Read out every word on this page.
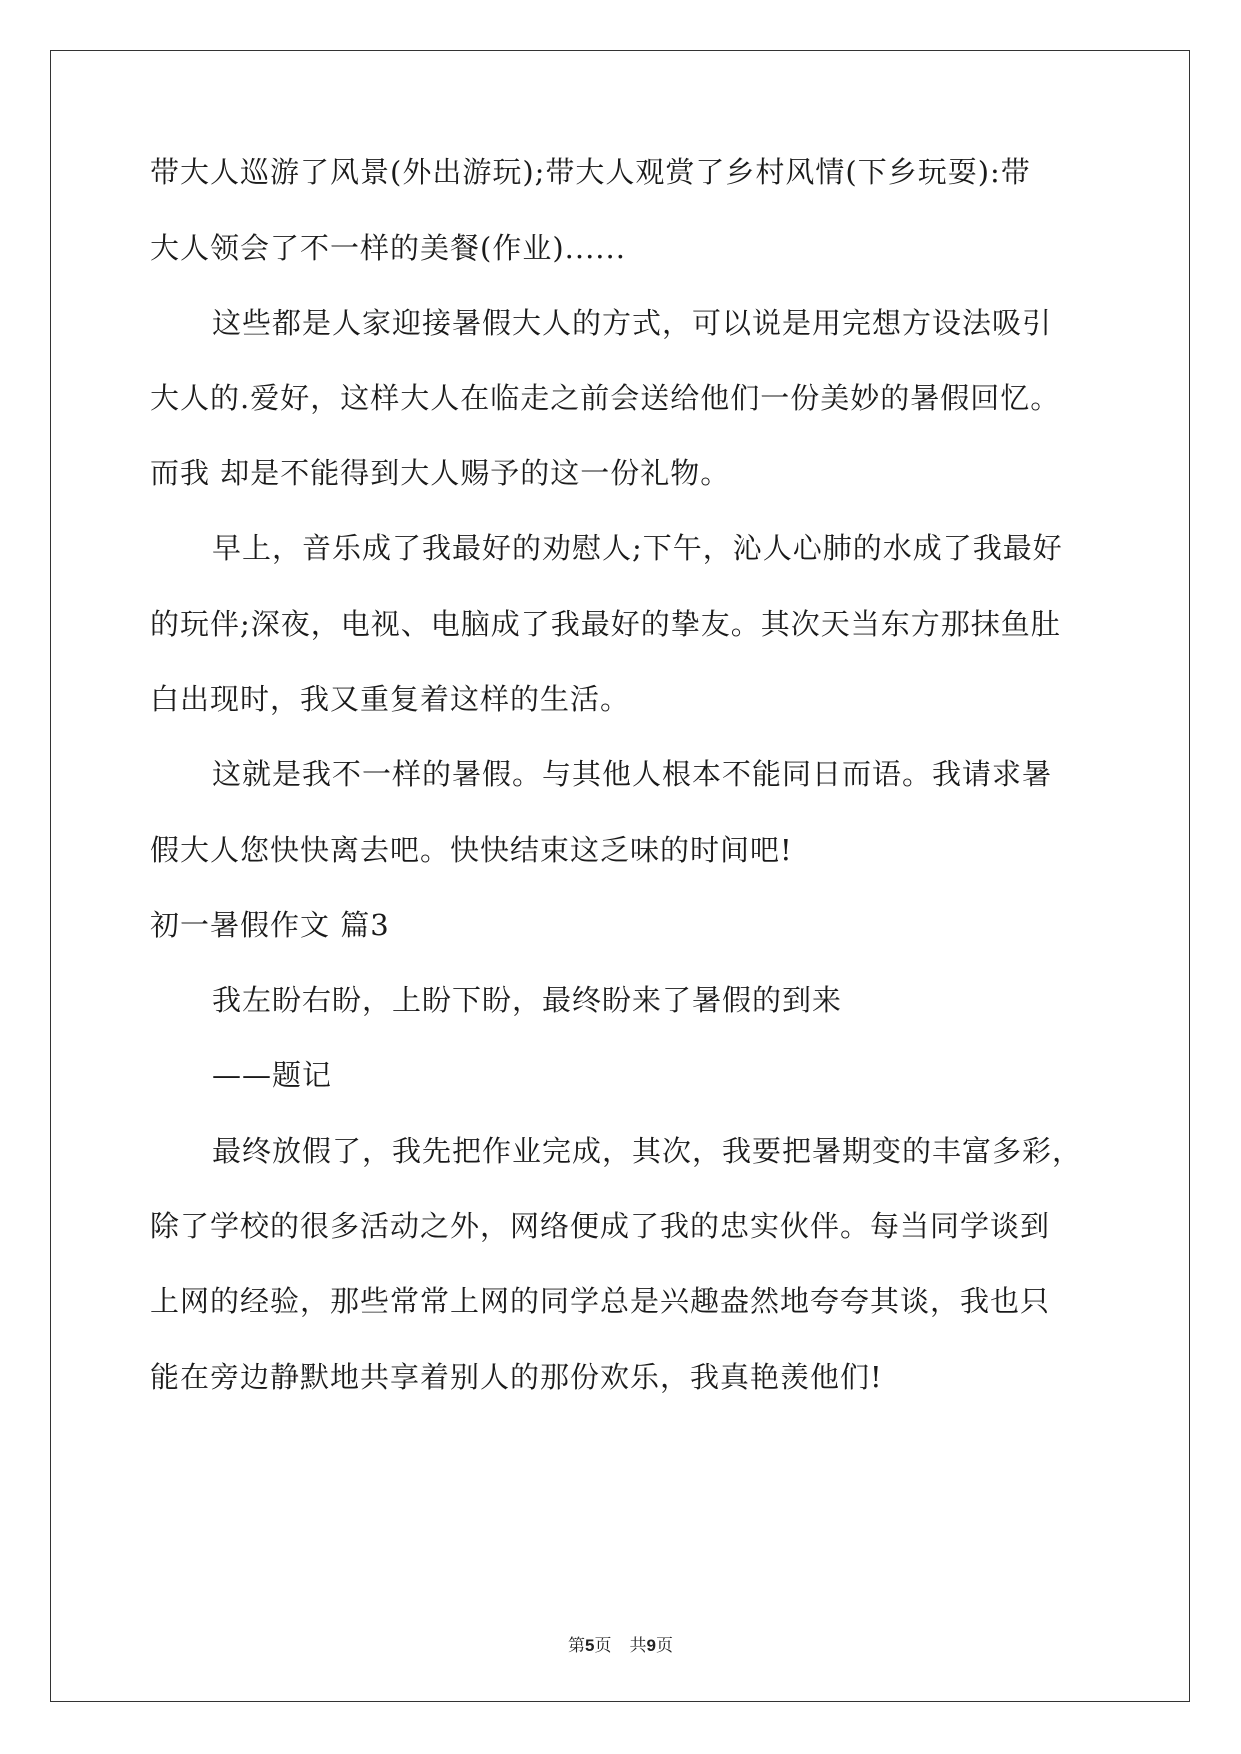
带大人巡游了风景(外出游玩);带大人观赏了乡村风情(下乡玩耍):带
大人领会了不一样的美餐(作业)......
这些都是人家迎接暑假大人的方式，可以说是用完想方设法吸引
大人的.爱好，这样大人在临走之前会送给他们一份美妙的暑假回忆。
而我 却是不能得到大人赐予的这一份礼物。
早上，音乐成了我最好的劝慰人;下午，沁人心肺的水成了我最好
的玩伴;深夜，电视、电脑成了我最好的挚友。其次天当东方那抹鱼肚
白出现时，我又重复着这样的生活。
这就是我不一样的暑假。与其他人根本不能同日而语。我请求暑
假大人您快快离去吧。快快结束这乏味的时间吧!
初一暑假作文 篇3
我左盼右盼，上盼下盼，最终盼来了暑假的到来
——题记
最终放假了，我先把作业完成，其次，我要把暑期变的丰富多彩，
除了学校的很多活动之外，网络便成了我的忠实伙伴。每当同学谈到
上网的经验，那些常常上网的同学总是兴趣盎然地夸夸其谈，我也只
能在旁边静默地共享着别人的那份欢乐，我真艳羡他们!
第5页 共9页
